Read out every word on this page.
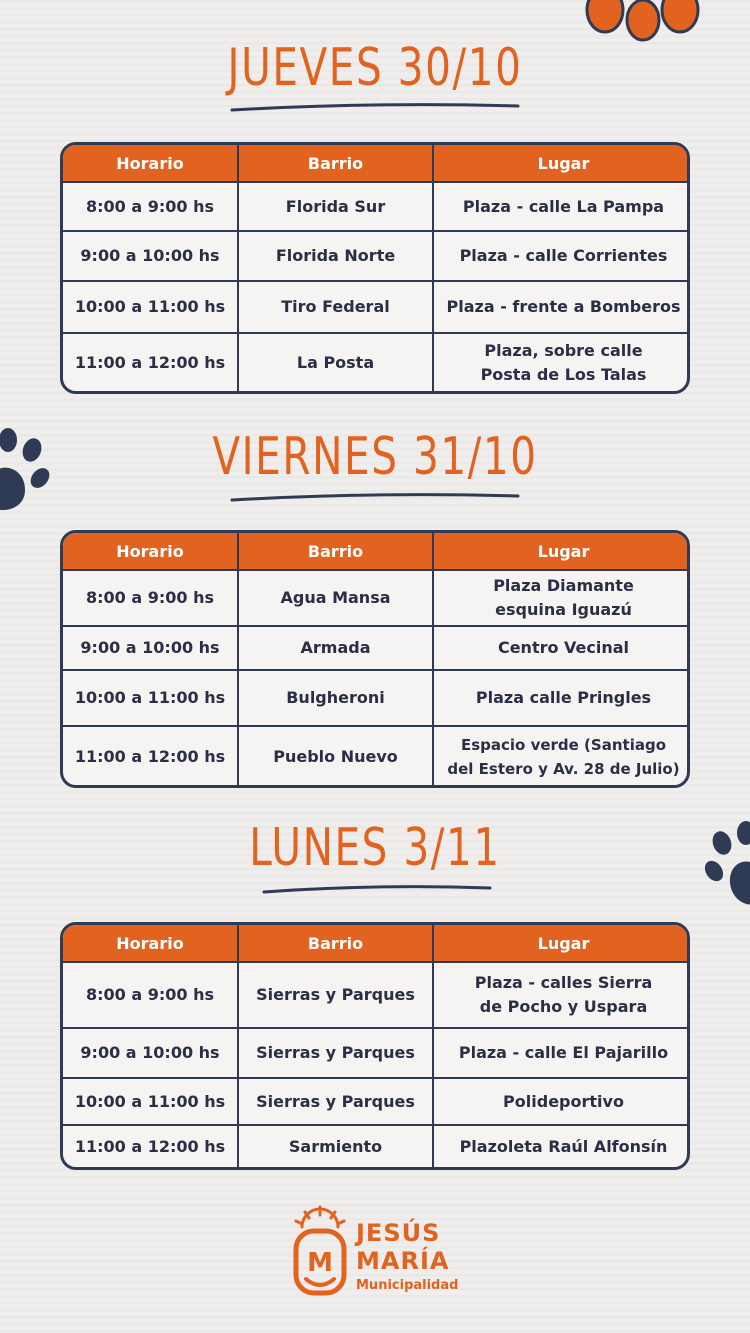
JUEVES 30/10
Horario	Barrio	Lugar
8:00 a 9:00 hs	Florida Sur	Plaza - calle La Pampa
9:00 a 10:00 hs	Florida Norte	Plaza - calle Corrientes
10:00 a 11:00 hs	Tiro Federal	Plaza - frente a Bomberos
11:00 a 12:00 hs	La Posta	Plaza, sobre calle
Posta de Los Talas
VIERNES 31/10
Horario	Barrio	Lugar
8:00 a 9:00 hs	Agua Mansa	Plaza Diamante
esquina Iguazú
9:00 a 10:00 hs	Armada	Centro Vecinal
10:00 a 11:00 hs	Bulgheroni	Plaza calle Pringles
11:00 a 12:00 hs	Pueblo Nuevo	Espacio verde (Santiago
del Estero y Av. 28 de Julio)
LUNES 3/11
Horario	Barrio	Lugar
8:00 a 9:00 hs	Sierras y Parques	Plaza - calles Sierra
de Pocho y Uspara
9:00 a 10:00 hs	Sierras y Parques	Plaza - calle El Pajarillo
10:00 a 11:00 hs	Sierras y Parques	Polideportivo
11:00 a 12:00 hs	Sarmiento	Plazoleta Raúl Alfonsín
M
JESÚS
MARÍA
Municipalidad
